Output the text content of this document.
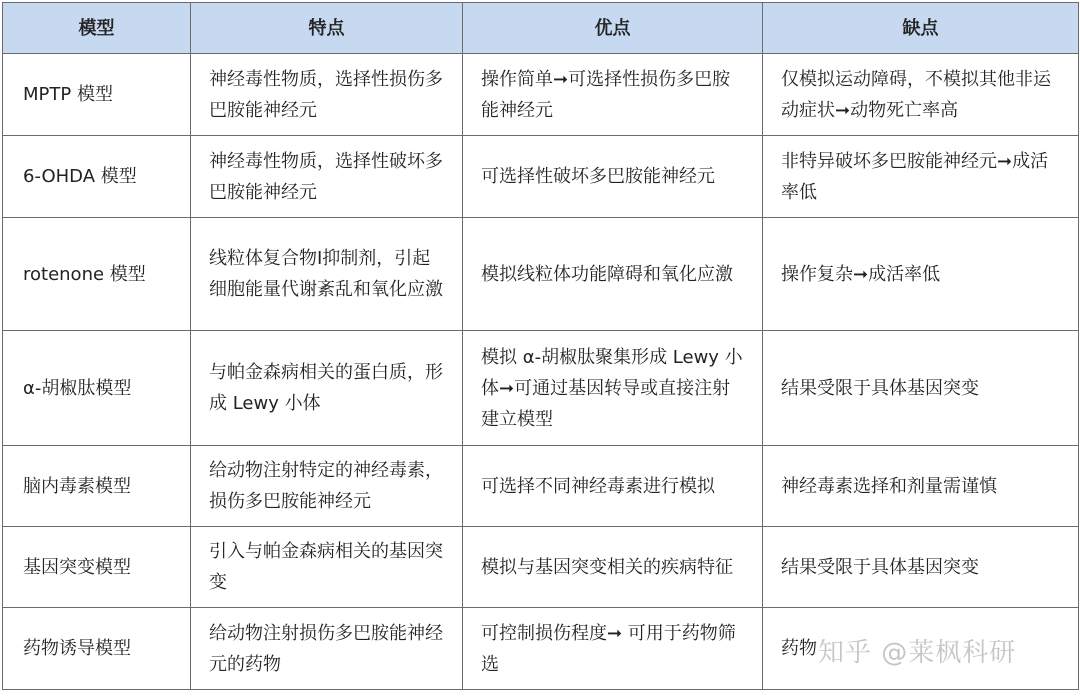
模型	特点	优点	缺点
MPTP 模型	神经毒性物质，选择性损伤多巴胺能神经元	操作简单➞可选择性损伤多巴胺能神经元	仅模拟运动障碍，不模拟其他非运动症状➞动物死亡率高
6-OHDA 模型	神经毒性物质，选择性破坏多巴胺能神经元	可选择性破坏多巴胺能神经元	非特异破坏多巴胺能神经元➞成活率低
rotenone 模型	线粒体复合物Ⅰ抑制剂，引起细胞能量代谢紊乱和氧化应激	模拟线粒体功能障碍和氧化应激	操作复杂➞成活率低
α-胡椒肽模型	与帕金森病相关的蛋白质，形成 Lewy 小体	模拟 α-胡椒肽聚集形成 Lewy 小体➞可通过基因转导或直接注射建立模型	结果受限于具体基因突变
脑内毒素模型	给动物注射特定的神经毒素，损伤多巴胺能神经元	可选择不同神经毒素进行模拟	神经毒素选择和剂量需谨慎
基因突变模型	引入与帕金森病相关的基因突变	模拟与基因突变相关的疾病特征	结果受限于具体基因突变
药物诱导模型	给动物注射损伤多巴胺能神经元的药物	可控制损伤程度➞ 可用于药物筛选	药物 知乎 @莱枫科研
